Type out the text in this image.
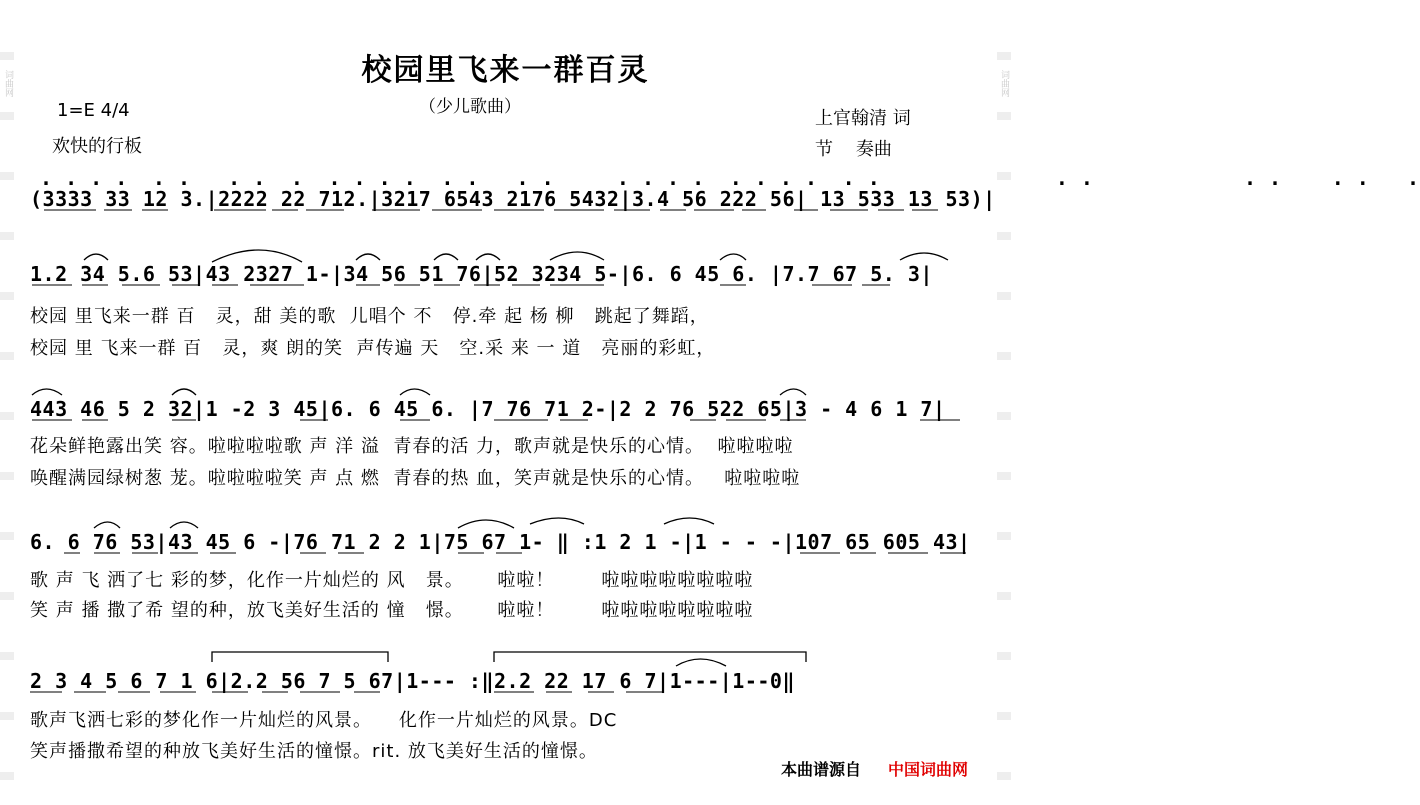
词曲网	词曲网
校园里飞来一群百灵
（少儿歌曲）
1=E 4/4
欢快的行板
上官翰清 词
节    奏曲
. . . .  . .   . .  .  . . . .  . .   . .     . . . .  . . . .  . .              . .            . .    . .   .
(3333 33 12 3.|2222 22 712.|3217 6543 2176 5432|3.4 56 222 56| 13 533 13 53)|
1.2 34 5.6 53|43 2327 1-|34 56 51 76|52 3234 5-|6. 6 45 6. |7.7 67 5. 3|
校园 里飞来一群 百   灵，甜 美的歌  儿唱个 不   停.牵 起 杨 柳   跳起了舞蹈，
校园 里 飞来一群 百   灵，爽 朗的笑  声传遍 天   空.采 来 一 道   亮丽的彩虹，
443 46 5 2 32|1 -2 3 45|6. 6 45 6. |7 76 71 2-|2 2 76 522 65|3 - 4 6 1 7|
花朵鲜艳露出笑 容。啦啦啦啦歌 声 洋 溢  青春的活 力，歌声就是快乐的心情。  啦啦啦啦
唤醒满园绿树葱 茏。啦啦啦啦笑 声 点 燃  青春的热 血，笑声就是快乐的心情。   啦啦啦啦
6. 6 76 53|43 45 6 -|76 71 2 2 1|75 67 1- ‖ :1 2 1 -|1 - - -|107 65 605 43|
歌 声 飞 洒了七 彩的梦，化作一片灿烂的 风   景。     啦啦！       啦啦啦啦啦啦啦啦
笑 声 播 撒了希 望的种，放飞美好生活的 憧   憬。     啦啦！       啦啦啦啦啦啦啦啦
2 3 4 5 6 7 1 6|2.2 56 7 5 67|1--- :‖2.2 22 17 6 7|1---|1--0‖
歌声飞洒七彩的梦化作一片灿烂的风景。    化作一片灿烂的风景。DC
笑声播撒希望的种放飞美好生活的憧憬。rit. 放飞美好生活的憧憬。
本曲谱源自 中国词曲网
